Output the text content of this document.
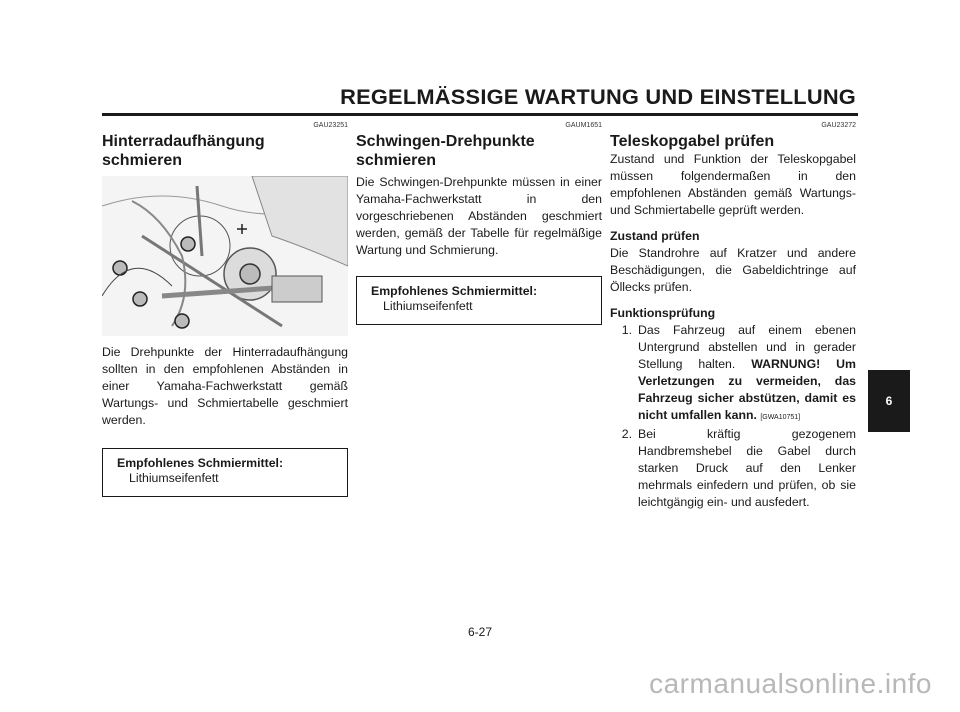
REGELMÄSSIGE WARTUNG UND EINSTELLUNG
GAU23251
Hinterradaufhängung
schmieren

Die Drehpunkte der Hinterradaufhängung sollten in den empfohlenen Abständen in einer Yamaha-Fachwerkstatt gemäß Wartungs- und Schmiertabelle geschmiert werden.

Empfohlenes Schmiermittel:
Lithiumseifenfett
GAUM1651
Schwingen-Drehpunkte
schmieren

Die Schwingen-Drehpunkte müssen in einer Yamaha-Fachwerkstatt in den vorgeschriebenen Abständen geschmiert werden, gemäß der Tabelle für regelmäßige Wartung und Schmierung.

Empfohlenes Schmiermittel:
Lithiumseifenfett
GAU23272
Teleskopgabel prüfen

Zustand und Funktion der Teleskopgabel müssen folgendermaßen in den empfohlenen Abständen gemäß Wartungs- und Schmiertabelle geprüft werden.

Zustand prüfen

Die Standrohre auf Kratzer und andere Beschädigungen, die Gabeldichtringe auf Öllecks prüfen.

Funktionsprüfung
1. Das Fahrzeug auf einem ebenen Untergrund abstellen und in gerader Stellung halten. WARNUNG! Um Verletzungen zu vermeiden, das Fahrzeug sicher abstützen, damit es nicht umfallen kann. [GWA10751]
2. Bei kräftig gezogenem Handbremshebel die Gabel durch starken Druck auf den Lenker mehrmals einfedern und prüfen, ob sie leichtgängig ein- und ausfedert.
6
6-27
carmanualsonline.info
